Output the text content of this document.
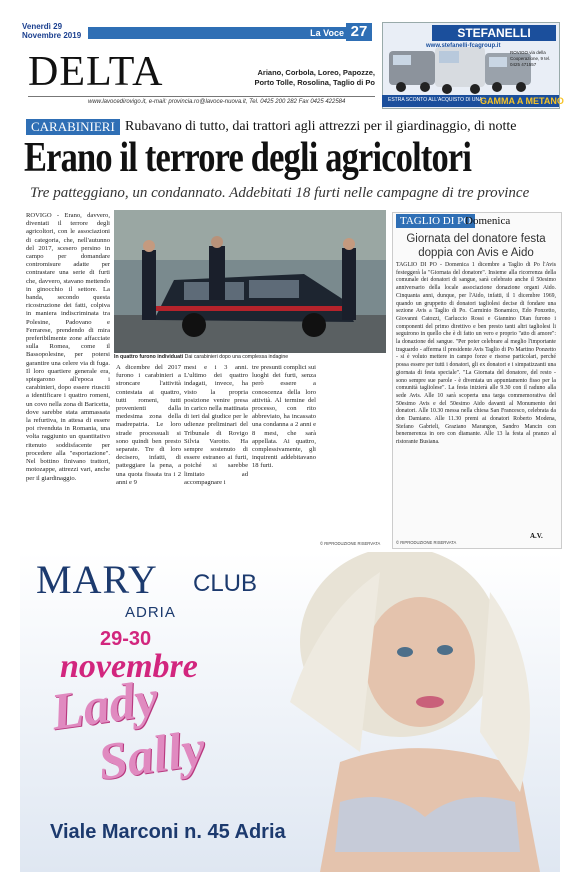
Venerdì 29
Novembre 2019	La Voce 27
DELTA	Ariano, Corbola, Loreo, Papozze,
Porto Tolle, Rosolina, Taglio di Po
www.lavocedirovigo.it, e-mail: provincia.ro@lavoce-nuova.it, Tel. 0425 200 282 Fax 0425 422584
STEFANELLI
www.stefanelli-fcagroup.it
ROVIGO via della Cooperazione, 9 tel. 0425 471557
ESTRA SCONTO ALL'ACQUISTO DI UNA
GAMMA A METANO
CARABINIERI Rubavano di tutto, dai trattori agli attrezzi per il giardinaggio, di notte
Erano il terrore degli agricoltori
Tre patteggiano, un condannato. Addebitati 18 furti nelle campagne di tre province
ROVIGO - Erano, davvero, diventati il terrore degli agricoltori, con le associazioni di categoria, che, nell'autunno del 2017, scesero persino in campo per domandare contromisure adatte per contrastare una serie di furti che, davvero, stavano mettendo in ginocchio il settore. La banda, secondo questa ricostruzione dei fatti, colpiva in maniera indiscriminata tra Polesine, Padovano e Ferrarese, prendendo di mira preferibilmente zone affacciate sulla Romea, come il Bassopolesine, per potersi garantire una celere via di fuga. Il loro quartiere generale era, spiegarono all'epoca i carabinieri, dopo essere riusciti a identificare i quattro romeni, un covo nella zona di Baricetta, dove sarebbe stata ammassata la refurtiva, in attesa di essere poi rivenduta in Romania, una volta raggiunto un quantitativo ritenuto soddisfacente per procedere alla "esportazione". Nel bottino finivano trattori, motozappe, attrezzi vari, anche per il giardinaggio.
In quattro furono individuati Dai carabinieri dopo una complessa indagine
A dicembre del 2017 furono i carabinieri a stroncare l'attività contestata ai quattro, tutti romeni, tutti provenienti dalla medesima zona della madrepatria. Le loro strade processuali si sono quindi ben presto separate. Tre di loro decisero, infatti, di patteggiare la pena, a una quota fissata tra i 2 anni e 9
mesi e i 3 anni. L'ultimo dei quattro indagati, invece, ha visto la propria posizione venire presa in carico nella mattinata di ieri dal giudice per le udienze preliminari del Tribunale di Rovigo Silvia Varotto. Ha sempre sostenuto di essere estraneo ai furti, poiché si sarebbe limitato ad accompagnare i
tre presunti complici sui luoghi dei furti, senza però essere a conoscenza della loro attività. Al termine del processo, con rito abbreviato, ha incassato una condanna a 2 anni e 8 mesi, che sarà appellata. Ai quattro, complessivamente, gli inquirenti addebitavano 18 furti.
© RIPRODUZIONE RISERVATA
TAGLIO DI PO
Domenica
Giornata del donatore festa doppia con Avis e Aido
TAGLIO DI PO - Domenica 1 dicembre a Taglio di Po l'Avis festeggerà la "Giornata del donatore". Insieme alla ricorrenza della comunale dei donatori di sangue, sarà celebrato anche il 50esimo anniversario della locale associazione donazione organi Aido. Cinquanta anni, dunque, per l'Aido, infatti, il 1 dicembre 1969, quando un gruppetto di donatori tagliolesi decise di fondare una sezione Avis a Taglio di Po. Carminio Bonamico, Edo Ponzetto, Giovanni Catozzi, Carluccio Rossi e Giannino Dian furono i componenti del primo direttivo e ben presto tanti altri tagliolesi li seguirono in quello che è di fatto un vero e proprio "atto di amore": la donazione del sangue. "Per poter celebrare al meglio l'importante traguardo - afferma il presidente Avis Taglio di Po Martino Ponzetto - si è voluto mettere in campo forze e risorse particolari, perché possa essere per tutti i donatori, gli ex donatori e i simpatizzanti una giornata di festa speciale". "La Giornata del donatore, del resto - sono sempre sue parole - è diventata un appuntamento fisso per la comunità tagliolese". La festa inizierà alle 9.30 con il raduno alla sede Avis. Alle 10 sarà scoperta una targa commemorativa del 50esimo Avis e del 50esimo Aido davanti al Monumento dei donatori. Alle 10.30 messa nella chiesa San Francesco, celebrata da don Damiano. Alle 11.30 premi ai donatori Roberto Modena, Stefano Gabrieli, Graziano Marangon, Sandro Mancin con benemerenza in oro con diamante. Alle 13 la festa al pranzo al ristorante Busiana.
A.V.
© RIPRODUZIONE RISERVATA
MARY CLUB
ADRIA
29-30
novembre
Lady
Sally
Viale Marconi n. 45 Adria
